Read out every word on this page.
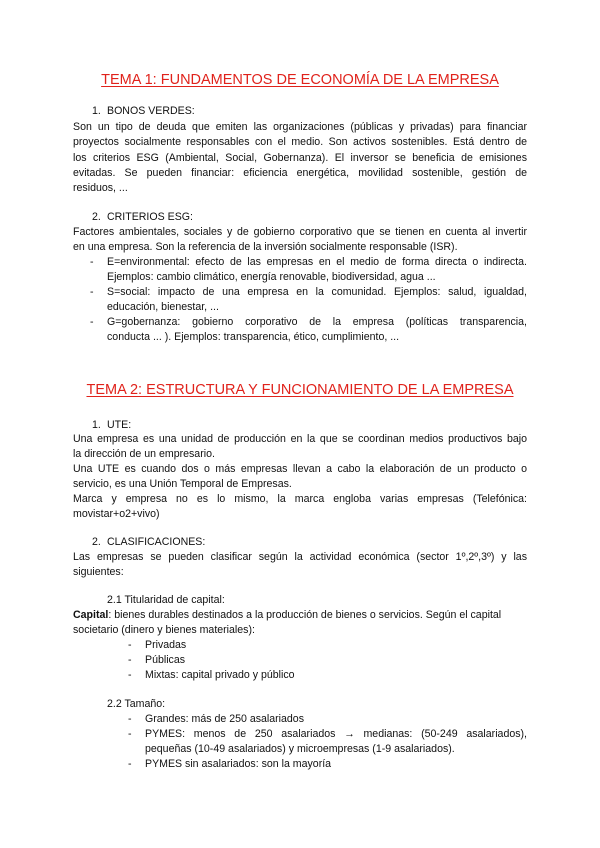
TEMA 1: FUNDAMENTOS DE ECONOMÍA DE LA EMPRESA
1. BONOS VERDES:
Son un tipo de deuda que emiten las organizaciones (públicas y privadas) para financiar
proyectos socialmente responsables con el medio. Son activos sostenibles. Está dentro de
los criterios ESG (Ambiental, Social, Gobernanza). El inversor se beneficia de emisiones
evitadas. Se pueden financiar: eficiencia energética, movilidad sostenible, gestión de
residuos, ...
2. CRITERIOS ESG:
Factores ambientales, sociales y de gobierno corporativo que se tienen en cuenta al invertir
en una empresa. Son la referencia de la inversión socialmente responsable (ISR).
- E=environmental: efecto de las empresas en el medio de forma directa o indirecta.
Ejemplos: cambio climático, energía renovable, biodiversidad, agua ...
- S=social: impacto de una empresa en la comunidad. Ejemplos: salud, igualdad,
educación, bienestar, ...
- G=gobernanza: gobierno corporativo de la empresa (políticas transparencia,
conducta ... ). Ejemplos: transparencia, ético, cumplimiento, ...
TEMA 2: ESTRUCTURA Y FUNCIONAMIENTO DE LA EMPRESA
1. UTE:
Una empresa es una unidad de producción en la que se coordinan medios productivos bajo
la dirección de un empresario.
Una UTE es cuando dos o más empresas llevan a cabo la elaboración de un producto o
servicio, es una Unión Temporal de Empresas.
Marca y empresa no es lo mismo, la marca engloba varias empresas (Telefónica:
movistar+o2+vivo)
2. CLASIFICACIONES:
Las empresas se pueden clasificar según la actividad económica (sector 1º,2º,3º) y las
siguientes:
2.1 Titularidad de capital:
Capital: bienes durables destinados a la producción de bienes o servicios. Según el capital
societario (dinero y bienes materiales):
- Privadas
- Públicas
- Mixtas: capital privado y público
2.2 Tamaño:
- Grandes: más de 250 asalariados
- PYMES: menos de 250 asalariados → medianas: (50-249 asalariados),
pequeñas (10-49 asalariados) y microempresas (1-9 asalariados).
- PYMES sin asalariados: son la mayoría
